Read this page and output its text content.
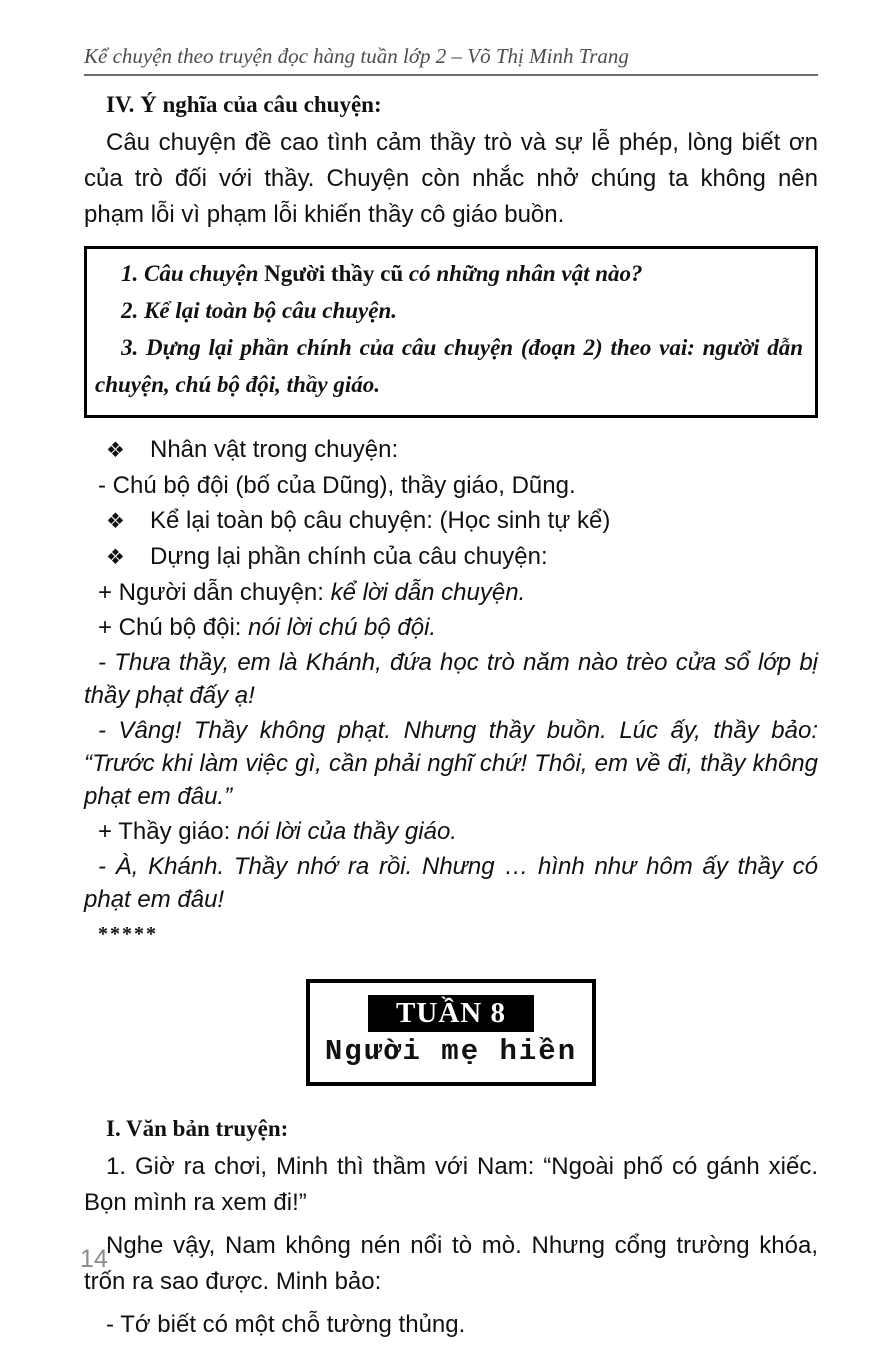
Kể chuyện theo truyện đọc hàng tuần lớp 2 – Võ Thị Minh Trang
IV. Ý nghĩa của câu chuyện:

Câu chuyện đề cao tình cảm thầy trò và sự lễ phép, lòng biết ơn của trò đối với thầy. Chuyện còn nhắc nhở chúng ta không nên phạm lỗi vì phạm lỗi khiến thầy cô giáo buồn.

1. Câu chuyện Người thầy cũ có những nhân vật nào?

2. Kể lại toàn bộ câu chuyện.

3. Dựng lại phần chính của câu chuyện (đoạn 2) theo vai: người dẫn chuyện, chú bộ đội, thầy giáo.

❖ Nhân vật trong chuyện:

- Chú bộ đội (bố của Dũng), thầy giáo, Dũng.

❖ Kể lại toàn bộ câu chuyện: (Học sinh tự kể)

❖ Dựng lại phần chính của câu chuyện:

+ Người dẫn chuyện: kể lời dẫn chuyện.

+ Chú bộ đội: nói lời chú bộ đội.

- Thưa thầy, em là Khánh, đứa học trò năm nào trèo cửa sổ lớp bị thầy phạt đấy ạ!

- Vâng! Thầy không phạt. Nhưng thầy buồn. Lúc ấy, thầy bảo: “Trước khi làm việc gì, cần phải nghĩ chứ! Thôi, em về đi, thầy không phạt em đâu.”

+ Thầy giáo: nói lời của thầy giáo.

- À, Khánh. Thầy nhớ ra rồi. Nhưng … hình như hôm ấy thầy có phạt em đâu!

*****

TUẦN 8
Người mẹ hiền
I. Văn bản truyện:

1. Giờ ra chơi, Minh thì thầm với Nam: “Ngoài phố có gánh xiếc. Bọn mình ra xem đi!”

Nghe vậy, Nam không nén nổi tò mò. Nhưng cổng trường khóa, trốn ra sao được. Minh bảo:

- Tớ biết có một chỗ tường thủng.

14
